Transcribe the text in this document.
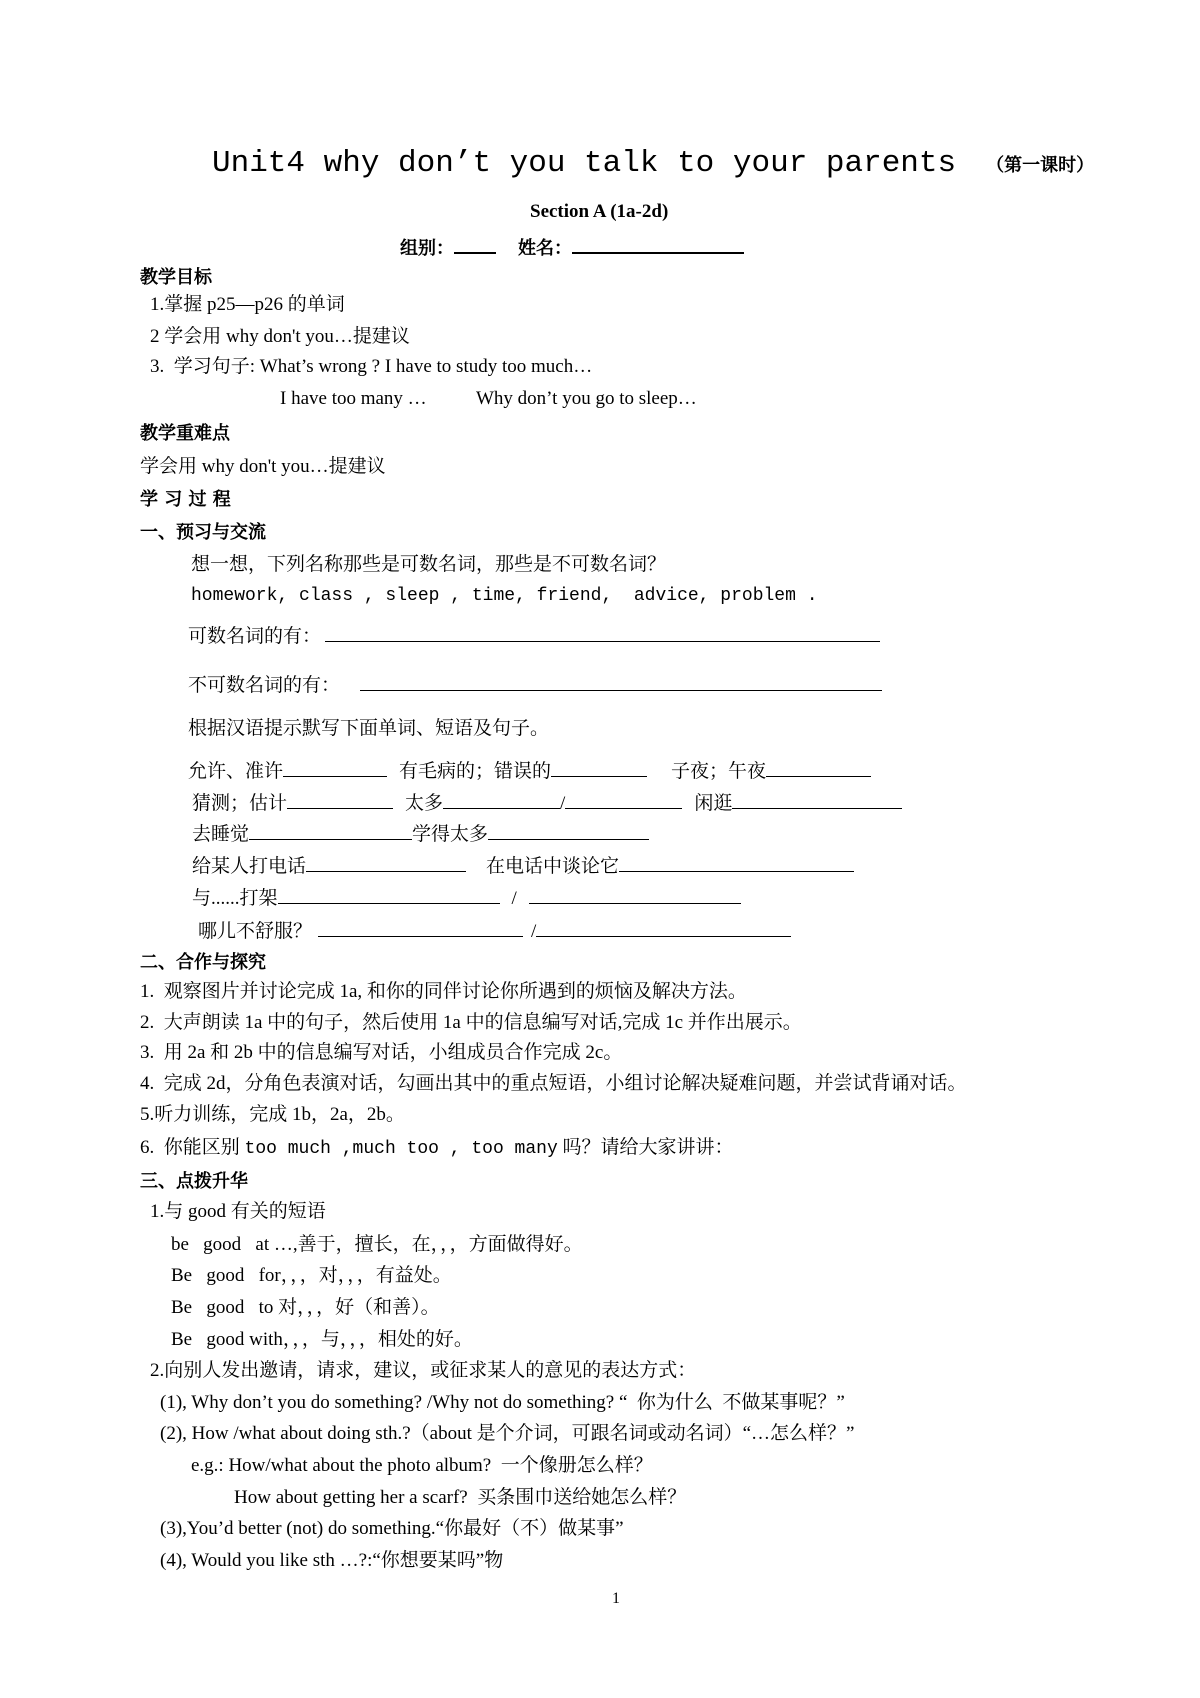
Unit4 why don’t you talk to your parents （第一课时）
Section A (1a-2d)
组别：	姓名：
教学目标
1.掌握 p25—p26 的单词
2 学会用 why don't you…提建议
3.  学习句子: What’s wrong ? I have to study too much…
I have too many …	Why don’t you go to sleep…
教学重难点
学会用 why don't you…提建议
学 习 过 程
一、预习与交流
想一想，下列名称那些是可数名词，那些是不可数名词？
homework, class , sleep , time, friend,  advice, problem .
可数名词的有：
不可数名词的有：
根据汉语提示默写下面单词、短语及句子。
允许、准许	有毛病的；错误的	子夜；午夜
猜测；估计	太多	/	闲逛
去睡觉	学得太多
给某人打电话	在电话中谈论它
与......打架	/
哪儿不舒服？	/
二、合作与探究
1.  观察图片并讨论完成 1a, 和你的同伴讨论你所遇到的烦恼及解决方法。
2.  大声朗读 1a 中的句子，然后使用 1a 中的信息编写对话,完成 1c 并作出展示。
3.  用 2a 和 2b 中的信息编写对话，小组成员合作完成 2c。
4.  完成 2d，分角色表演对话，勾画出其中的重点短语，小组讨论解决疑难问题，并尝试背诵对话。
5.听力训练，完成 1b，2a，2b。
6.  你能区别 too much ,much too , too many 吗？请给大家讲讲：
三、点拨升华
1.与 good 有关的短语
be   good   at …,善于，擅长，在，，，方面做得好。
Be   good   for，，，对，，，有益处。
Be   good   to 对，，，好（和善）。
Be   good with，，，与，，，相处的好。
2.向别人发出邀请，请求，建议，或征求某人的意见的表达方式：
(1), Why don’t you do something? /Why not do something? “  你为什么  不做某事呢？”
(2), How /what about doing sth.?（about 是个介词，可跟名词或动名词）“…怎么样？”
e.g.: How/what about the photo album?  一个像册怎么样？
How about getting her a scarf?  买条围巾送给她怎么样？
(3),You’d better (not) do something.“你最好（不）做某事”
(4), Would you like sth …?:“你想要某吗”物
1
